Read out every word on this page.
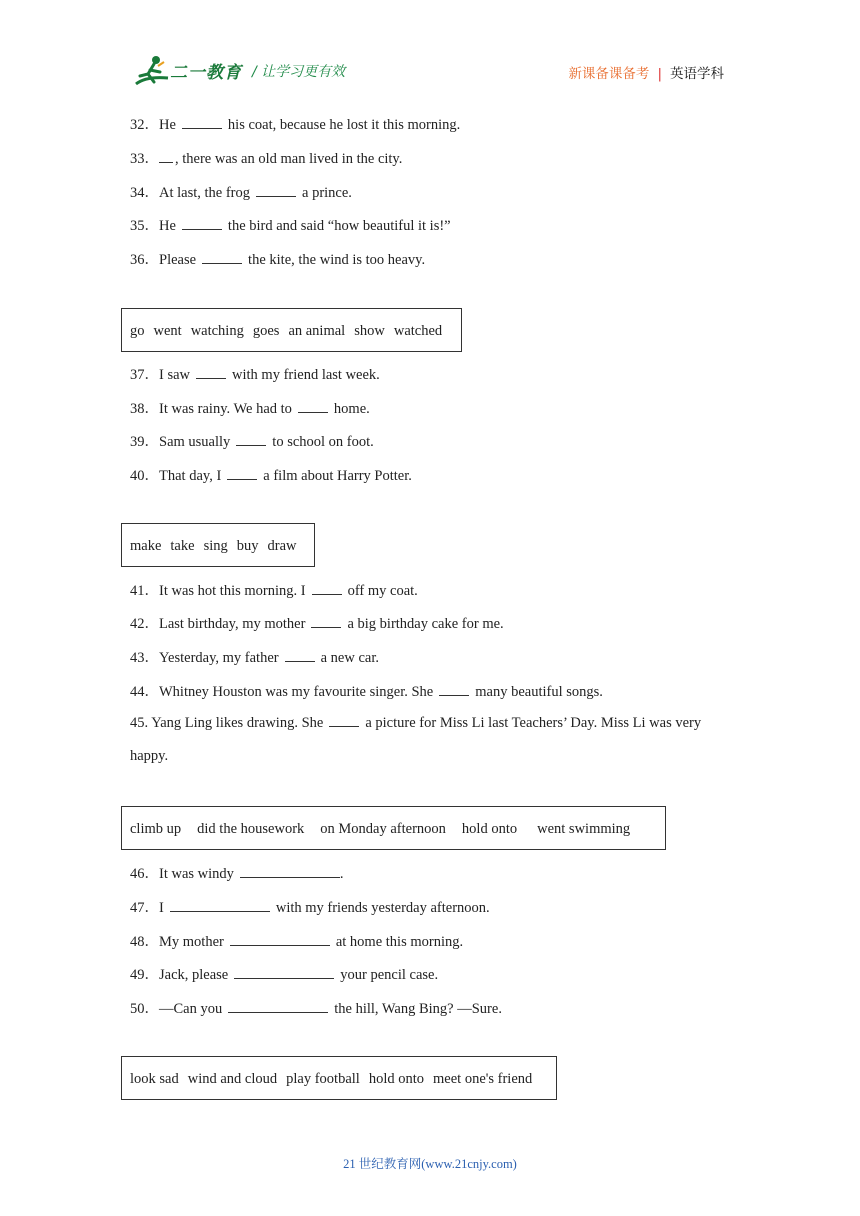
二一教育 / 让学习更有效	新课备课备考 | 英语学科
32．He	his coat, because he lost it this morning.
33． , there was an old man lived in the city.
34．At last, the frog	a prince.
35．He	the bird and said “how beautiful it is!”
36．Please	the kite, the wind is too heavy.
go went watching goes an animal show watched
37．I saw	with my friend last week.
38．It was rainy. We had to	home.
39．Sam usually	to school on foot.
40．That day, I	a film about Harry Potter.
make take sing buy draw
41．It was hot this morning. I	off my coat.
42．Last birthday, my mother	a big birthday cake for me.
43．Yesterday, my father	a new car.
44．Whitney Houston was my favourite singer. She	many beautiful songs.
45. Yang Ling likes drawing. She	a picture for Miss Li last Teachers’ Day. Miss Li was very
happy.
climb up did the housework on Monday afternoon hold onto went swimming
46．It was windy	.
47．I	with my friends yesterday afternoon.
48．My mother	at home this morning.
49．Jack, please	your pencil case.
50．—Can you	the hill, Wang Bing? —Sure.
look sad wind and cloud play football hold onto meet one's friend
21 世纪教育网(www.21cnjy.com)
